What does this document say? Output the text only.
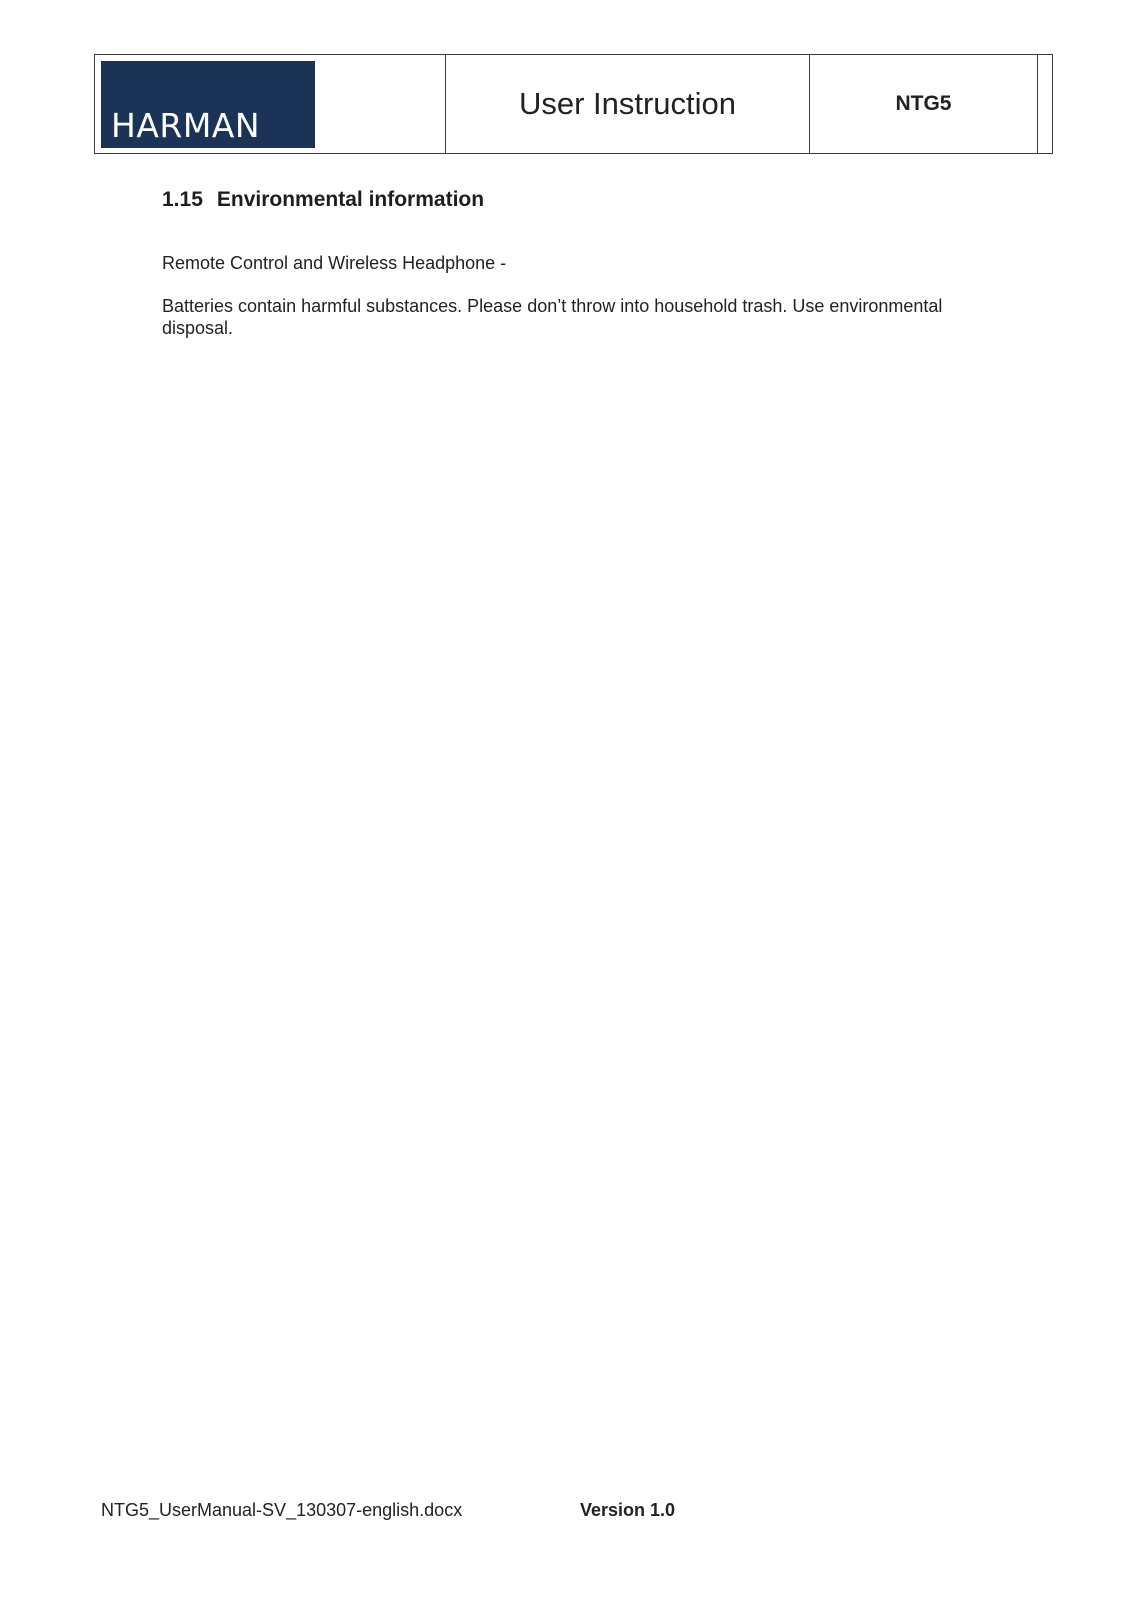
HARMAN
User Instruction	NTG5
1.15 Environmental information

Remote Control and Wireless Headphone -

Batteries contain harmful substances. Please don’t throw into household trash. Use environmental disposal.

NTG5_UserManual-SV_130307-english.docx	Version 1.0
